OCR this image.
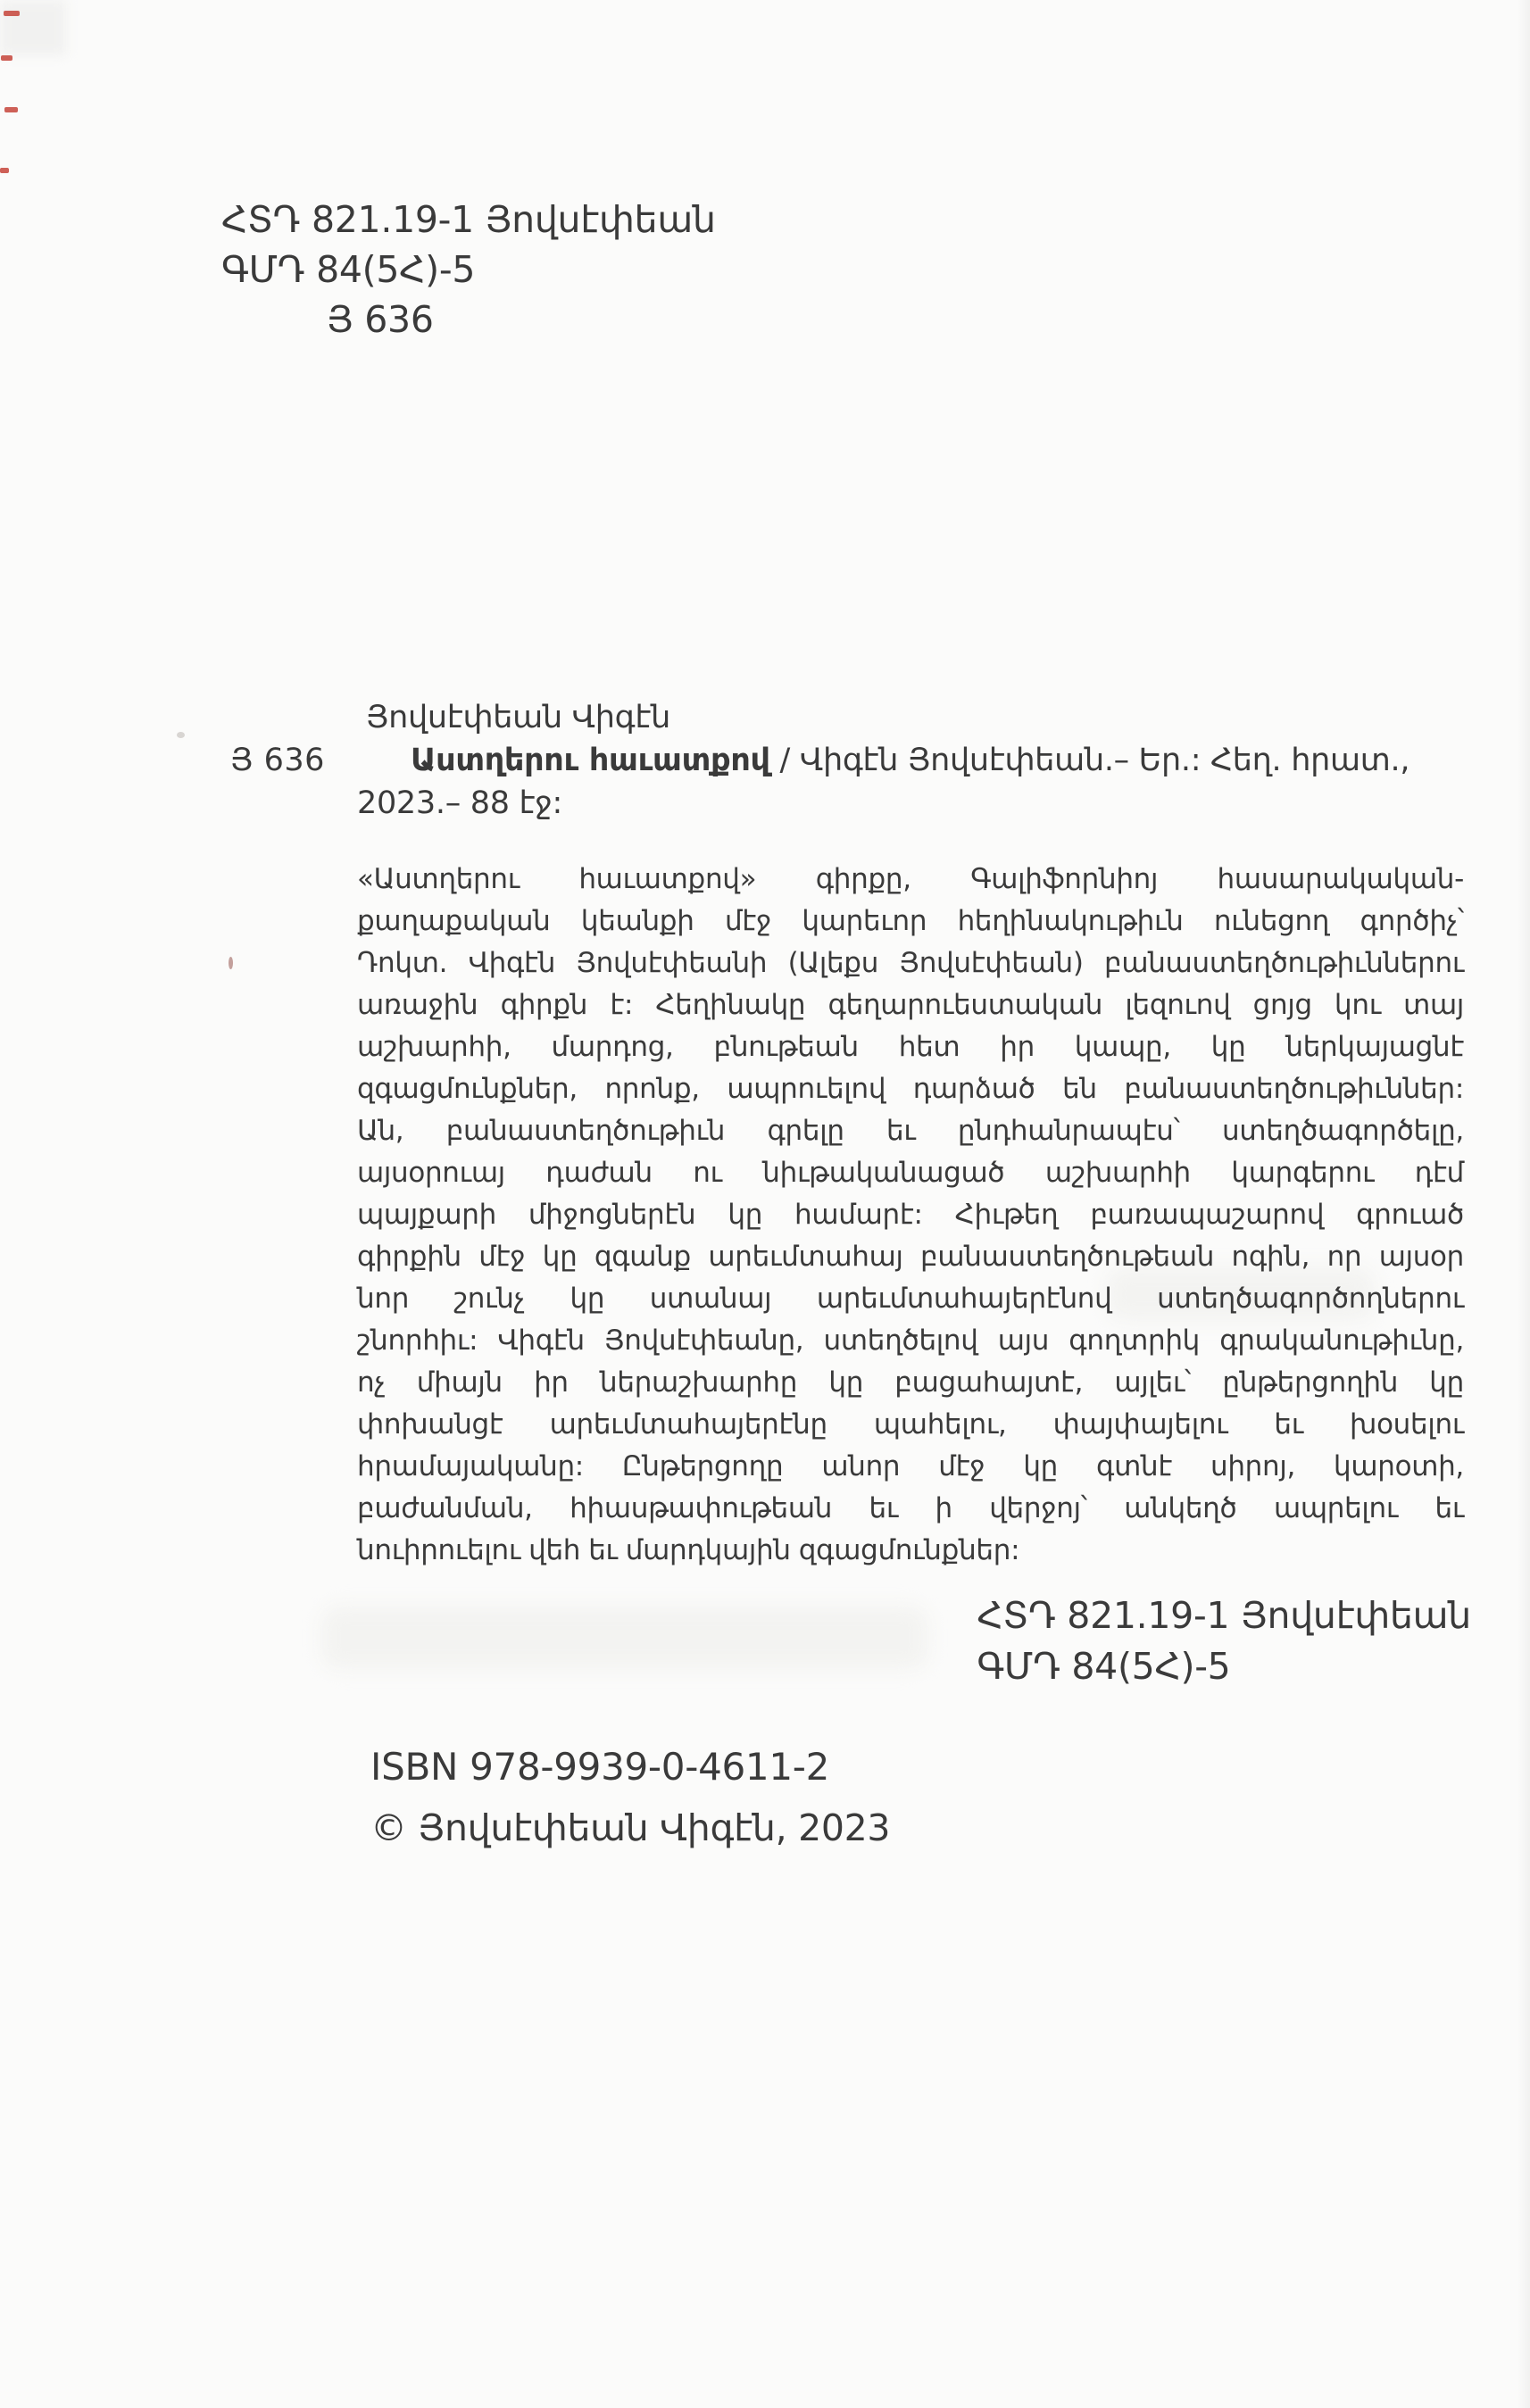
ՀՏԴ 821.19-1 Յովսէփեան
ԳՄԴ 84(5Հ)-5
Յ 636
Յովսէփեան Վիգէն
Յ 636	Աստղերու հաւատքով / Վիգէն Յովսէփեան.– Եր.: Հեղ. հրատ.,
2023.– 88 էջ:
«Աստղերու հաւատքով» գիրքը, Գալիֆորնիոյ հասարակական-
քաղաքական կեանքի մէջ կարեւոր հեղինակութիւն ունեցող գործիչ՝
Դոկտ. Վիգէն Յովսէփեանի (Ալեքս Յովսէփեան) բանաստեղծութիւններու
առաջին գիրքն է: Հեղինակը գեղարուեստական լեզուով ցոյց կու տայ
աշխարհի, մարդոց, բնութեան հետ իր կապը, կը ներկայացնէ
զգացմունքներ, որոնք, ապրուելով դարձած են բանաստեղծութիւններ:
Ան, բանաստեղծութիւն գրելը եւ ընդհանրապէս՝ ստեղծագործելը,
այսօրուայ դաժան ու նիւթականացած աշխարհի կարգերու դէմ
պայքարի միջոցներէն կը համարէ: Հիւթեղ բառապաշարով գրուած
գիրքին մէջ կը զգանք արեւմտահայ բանաստեղծութեան ոգին, որ այսօր
նոր շունչ կը ստանայ արեւմտահայերէնով ստեղծագործողներու
շնորհիւ: Վիգէն Յովսէփեանը, ստեղծելով այս գողտրիկ գրականութիւնը,
ոչ միայն իր ներաշխարհը կը բացահայտէ, այլեւ՝ ընթերցողին կը
փոխանցէ արեւմտահայերէնը պահելու, փայփայելու եւ խօսելու
հրամայականը: Ընթերցողը անոր մէջ կը գտնէ սիրոյ, կարօտի,
բաժանման, հիասթափութեան եւ ի վերջոյ՝ անկեղծ ապրելու եւ
նուիրուելու վեհ եւ մարդկային զգացմունքներ:
ՀՏԴ 821.19-1 Յովսէփեան
ԳՄԴ 84(5Հ)-5
ISBN 978-9939-0-4611-2
© Յովսէփեան Վիգէն, 2023
